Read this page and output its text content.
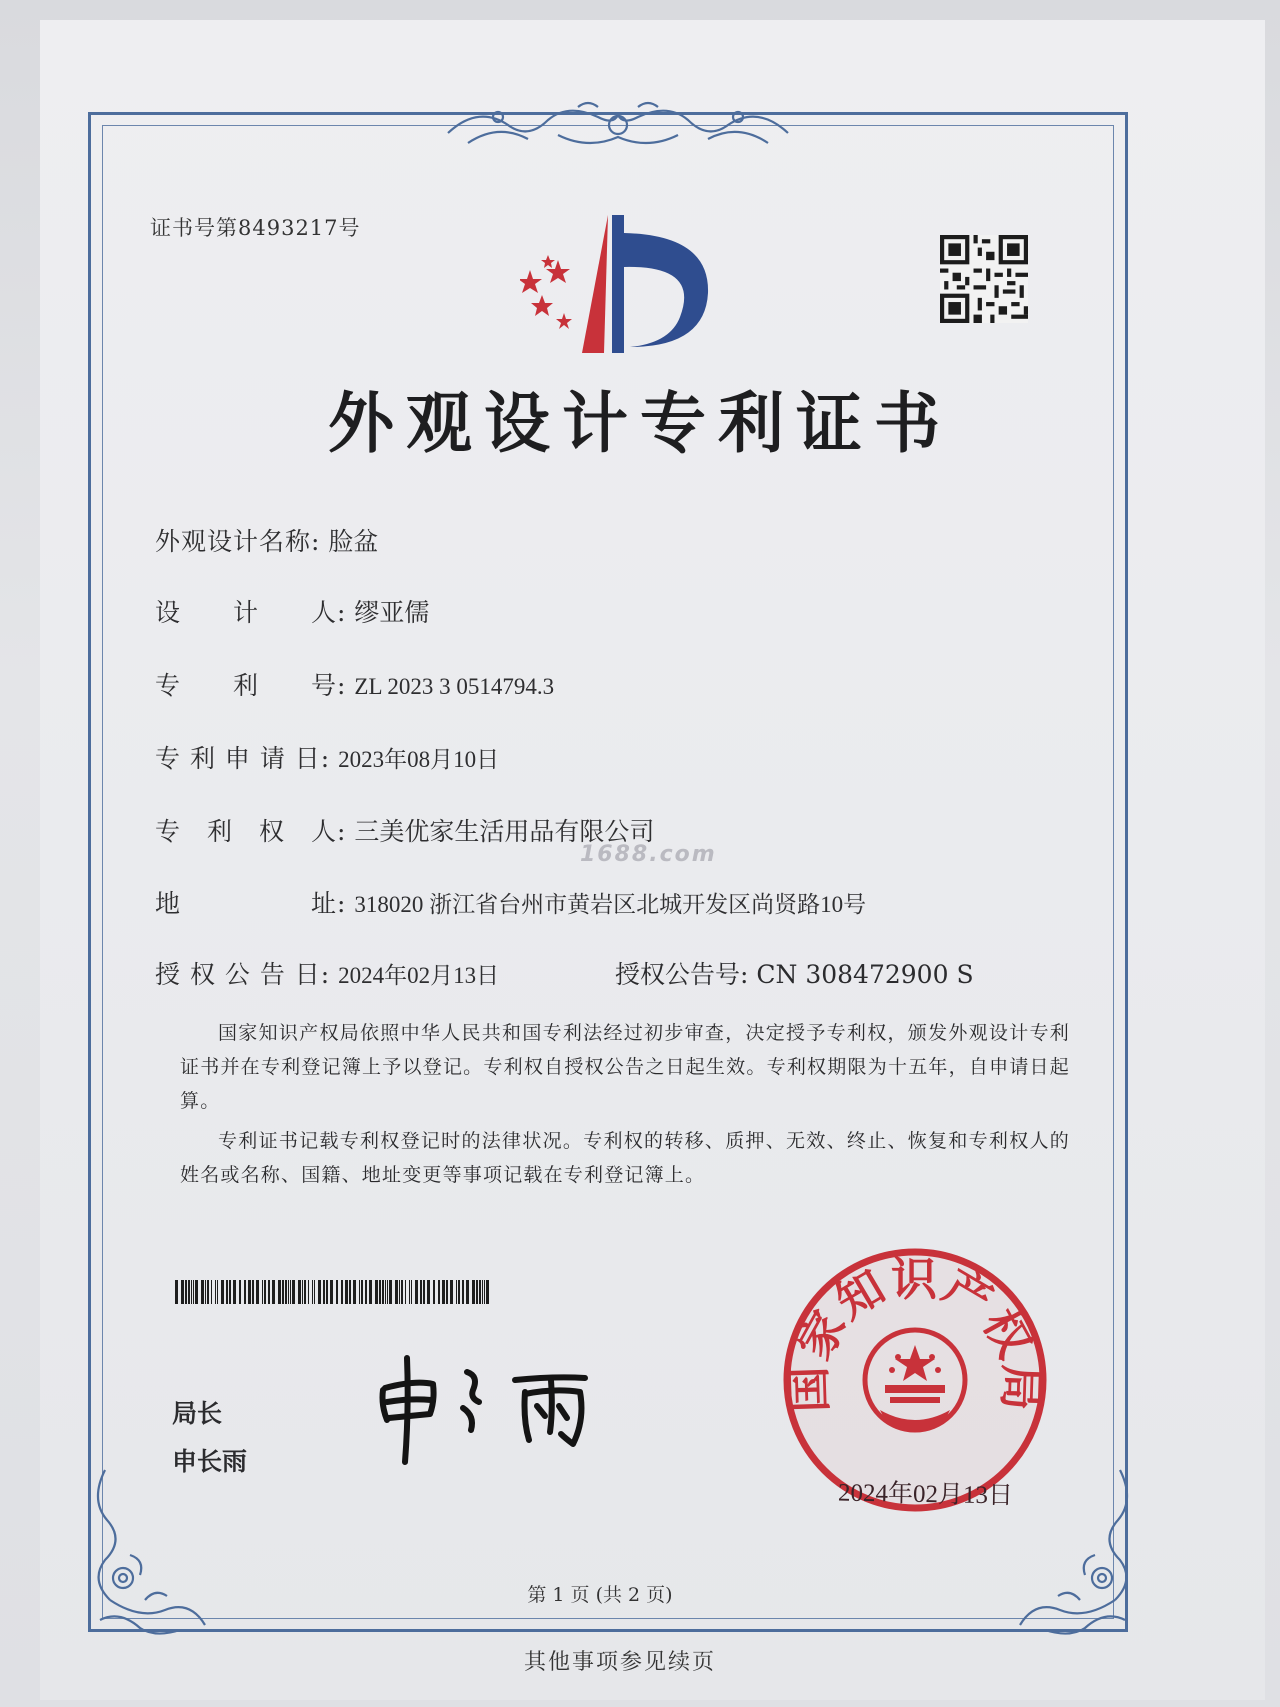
证书号第8493217号
外观设计专利证书
外观设计名称: 脸盆
设　　计　　人: 缪亚儒
专　　利　　号: ZL 2023 3 0514794.3
专 利 申 请 日: 2023年08月10日
专　利　权　人: 三美优家生活用品有限公司
1688.com
地　　　　　址: 318020 浙江省台州市黄岩区北城开发区尚贤路10号
授 权 公 告 日: 2024年02月13日	授权公告号: CN 308472900 S
国家知识产权局依照中华人民共和国专利法经过初步审查，决定授予专利权，颁发外观设计专利证书并在专利登记簿上予以登记。专利权自授权公告之日起生效。专利权期限为十五年，自申请日起算。
专利证书记载专利权登记时的法律状况。专利权的转移、质押、无效、终止、恢复和专利权人的姓名或名称、国籍、地址变更等事项记载在专利登记簿上。
局长
申长雨
国家知识产权局
2024年02月13日
第 1 页 (共 2 页)
其他事项参见续页
